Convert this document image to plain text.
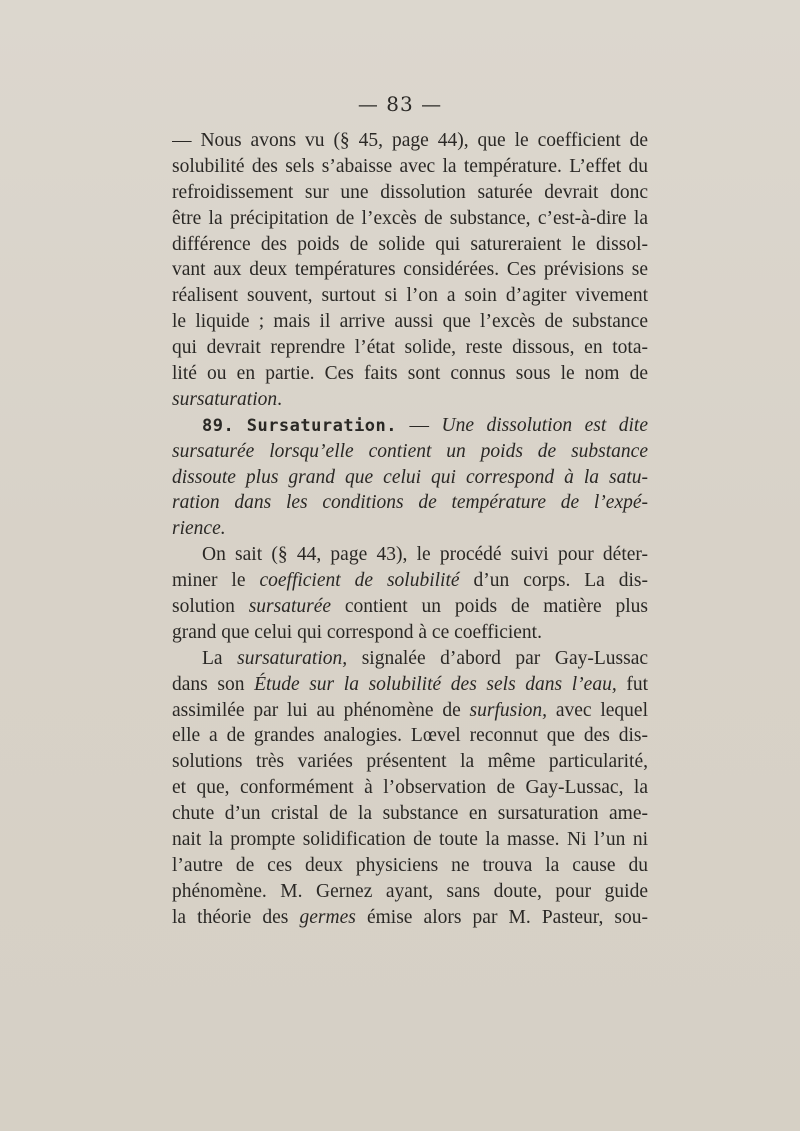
— 83 —
— Nous avons vu (§ 45, page 44), que le coefficient de
solubilité des sels s’abaisse avec la température. L’effet du
refroidissement sur une dissolution saturée devrait donc
être la précipitation de l’excès de substance, c’est-à-dire la
différence des poids de solide qui satureraient le dissol-
vant aux deux températures considérées. Ces prévisions se
réalisent souvent, surtout si l’on a soin d’agiter vivement
le liquide ; mais il arrive aussi que l’excès de substance
qui devrait reprendre l’état solide, reste dissous, en tota-
lité ou en partie. Ces faits sont connus sous le nom de
sursaturation.
89. Sursaturation. — Une dissolution est dite
sursaturée lorsqu’elle contient un poids de substance
dissoute plus grand que celui qui correspond à la satu-
ration dans les conditions de température de l’expé-
rience.
On sait (§ 44, page 43), le procédé suivi pour déter-
miner le coefficient de solubilité d’un corps. La dis-
solution sursaturée contient un poids de matière plus
grand que celui qui correspond à ce coefficient.
La sursaturation, signalée d’abord par Gay-Lussac
dans son Étude sur la solubilité des sels dans l’eau, fut
assimilée par lui au phénomène de surfusion, avec lequel
elle a de grandes analogies. Lœvel reconnut que des dis-
solutions très variées présentent la même particularité,
et que, conformément à l’observation de Gay-Lussac, la
chute d’un cristal de la substance en sursaturation ame-
nait la prompte solidification de toute la masse. Ni l’un ni
l’autre de ces deux physiciens ne trouva la cause du
phénomène. M. Gernez ayant, sans doute, pour guide
la théorie des germes émise alors par M. Pasteur, sou-
